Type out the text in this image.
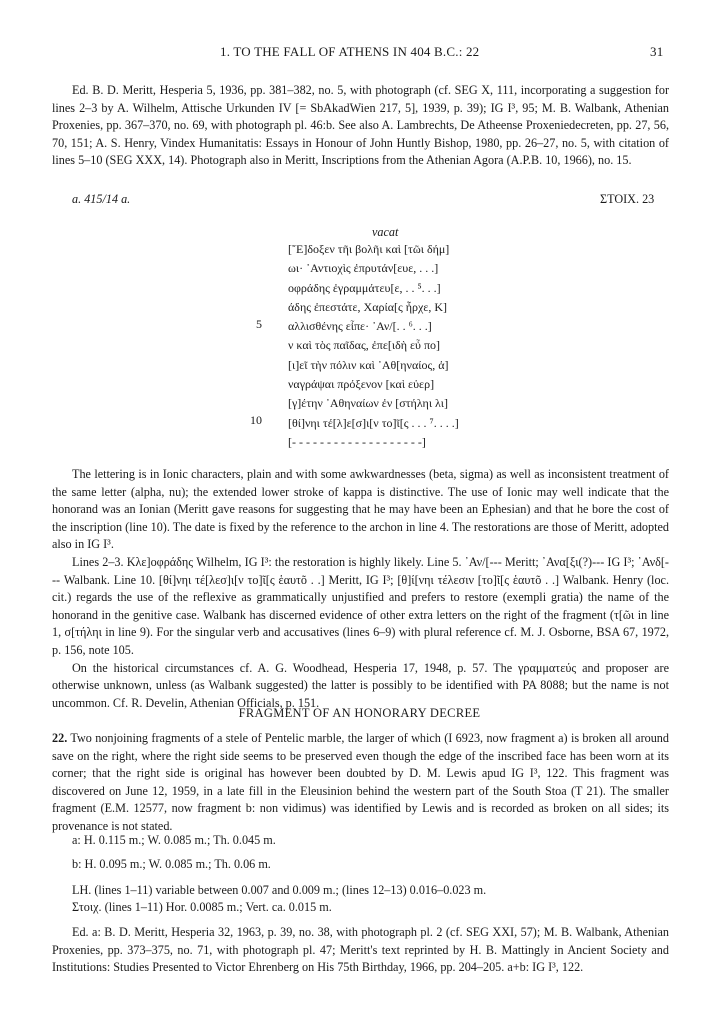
1. TO THE FALL OF ATHENS IN 404 B.C.: 22	31

Ed. B. D. Meritt, Hesperia 5, 1936, pp. 381–382, no. 5, with photograph (cf. SEG X, 111, incorporating a suggestion for lines 2–3 by A. Wilhelm, Attische Urkunden IV [= SbAkadWien 217, 5], 1939, p. 39); IG I³, 95; M. B. Walbank, Athenian Proxenies, pp. 367–370, no. 69, with photograph pl. 46:b. See also A. Lambrechts, De Atheense Proxeniedecreten, pp. 27, 56, 70, 151; A. S. Henry, Vindex Humanitatis: Essays in Honour of John Huntly Bishop, 1980, pp. 26–27, no. 5, with citation of lines 5–10 (SEG XXX, 14). Photograph also in Meritt, Inscriptions from the Athenian Agora (A.P.B. 10, 1966), no. 15.

a. 415/14 a.	ΣΤΟΙΧ. 23
vacat
[῎Ε]δοξεν τῆι βολῆι καὶ [τῶι δήμ]
ωι· ᾽Αντιοχὶς ἐπρυτάν[ευε, . . .]
οφράδης ἐγραμμάτευ[ε, . . ⁵. . .]
άδης ἐπεστάτε, Χαρία[ς ἦρχε, Κ]
αλλισθένης εἶπε· ᾽Αν/[. . ⁶. . .]
ν καὶ τὸς παῖδας, ἐπε[ιδὴ εὖ πο]
[ι]εῖ τὴν πόλιν καὶ ᾽Αθ[ηναίος, ἀ]
ναγράψαι πρόξενον [καὶ εὐερ]
[γ]έτην ᾽Αθηναίων ἐν [στήληι λι]
[θί]νηι τέ[λ]ε[σ]ι[ν το]ῖ[ς . . . ⁷. . . .]
[- - - - - - - - - - - - - - - - - - -]
5
10

The lettering is in Ionic characters, plain and with some awkwardnesses (beta, sigma) as well as inconsistent treatment of the same letter (alpha, nu); the extended lower stroke of kappa is distinctive. The use of Ionic may well indicate that the honorand was an Ionian (Meritt gave reasons for suggesting that he may have been an Ephesian) and that he bore the cost of the inscription (line 10). The date is fixed by the reference to the archon in line 4. The restorations are those of Meritt, adopted also in IG I³.

Lines 2–3. Κλε]οφράδης Wilhelm, IG I³: the restoration is highly likely. Line 5. ᾽Αν/[--- Meritt; ᾽Ανα[ξι(?)--- IG I³; ᾽Ανδ[--- Walbank. Line 10. [θί]νηι τέ[λεσ]ι[ν το]ῖ[ς ἑαυτõ . .] Meritt, IG I³; [θ]ί[νηι τέλεσιν [το]ῖ[ς ἑαυτõ . .] Walbank. Henry (loc. cit.) regards the use of the reflexive as grammatically unjustified and prefers to restore (exempli gratia) the name of the honorand in the genitive case. Walbank has discerned evidence of other extra letters on the right of the fragment (τ[ῶι in line 1, σ[τήληι in line 9). For the singular verb and accusatives (lines 6–9) with plural reference cf. M. J. Osborne, BSA 67, 1972, p. 156, note 105.

On the historical circumstances cf. A. G. Woodhead, Hesperia 17, 1948, p. 57. The γραμματεύς and proposer are otherwise unknown, unless (as Walbank suggested) the latter is possibly to be identified with PA 8088; but the name is not uncommon. Cf. R. Develin, Athenian Officials, p. 151.

FRAGMENT OF AN HONORARY DECREE

22. Two nonjoining fragments of a stele of Pentelic marble, the larger of which (I 6923, now fragment a) is broken all around save on the right, where the right side seems to be preserved even though the edge of the inscribed face has been worn at its corner; that the right side is original has however been doubted by D. M. Lewis apud IG I³, 122. This fragment was discovered on June 12, 1959, in a late fill in the Eleusinion behind the western part of the South Stoa (T 21). The smaller fragment (E.M. 12577, now fragment b: non vidimus) was identified by Lewis and is recorded as broken on all sides; its provenance is not stated.

a: H. 0.115 m.; W. 0.085 m.; Th. 0.045 m.
b: H. 0.095 m.; W. 0.085 m.; Th. 0.06 m.
LH. (lines 1–11) variable between 0.007 and 0.009 m.; (lines 12–13) 0.016–0.023 m.
Στοιχ. (lines 1–11) Hor. 0.0085 m.; Vert. ca. 0.015 m.

Ed. a: B. D. Meritt, Hesperia 32, 1963, p. 39, no. 38, with photograph pl. 2 (cf. SEG XXI, 57); M. B. Walbank, Athenian Proxenies, pp. 373–375, no. 71, with photograph pl. 47; Meritt's text reprinted by H. B. Mattingly in Ancient Society and Institutions: Studies Presented to Victor Ehrenberg on His 75th Birthday, 1966, pp. 204–205. a+b: IG I³, 122.
